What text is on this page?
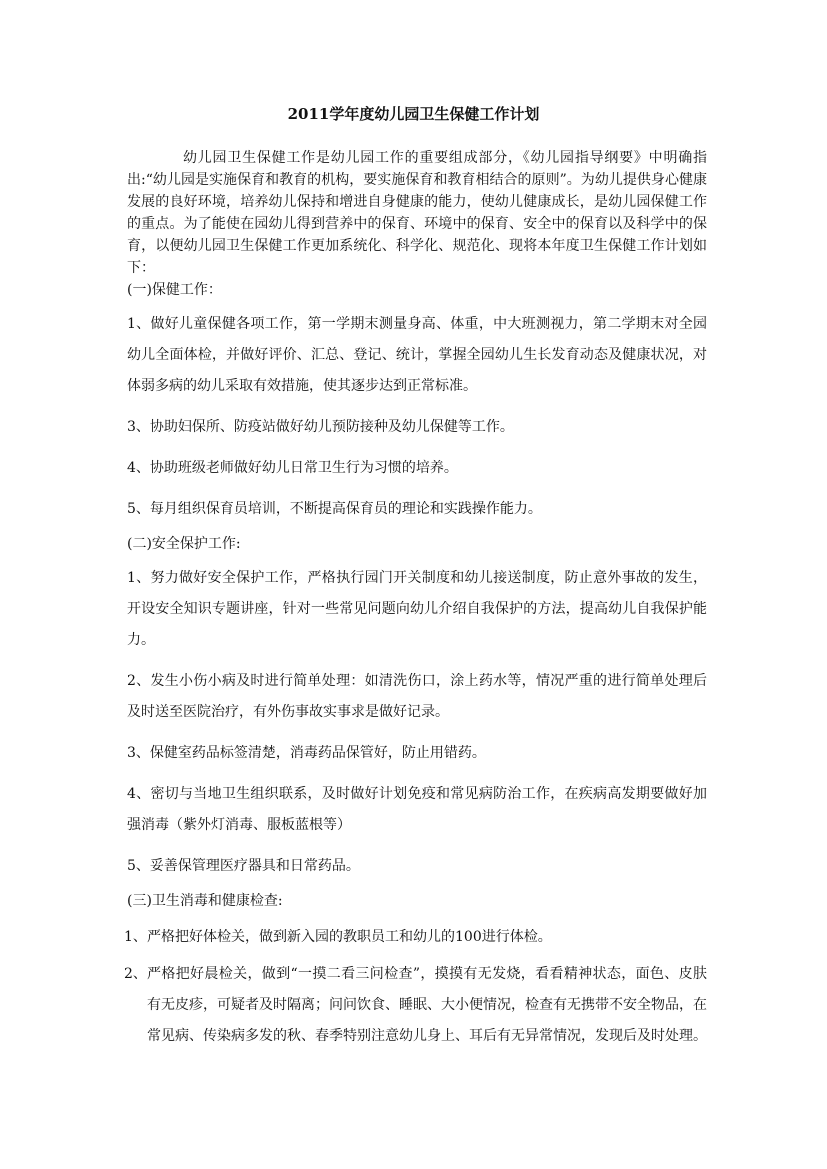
2011学年度幼儿园卫生保健工作计划

幼儿园卫生保健工作是幼儿园工作的重要组成部分，《幼儿园指导纲要》中明确指出:“幼儿园是实施保育和教育的机构，要实施保育和教育相结合的原则”。为幼儿提供身心健康发展的良好环境，培养幼儿保持和增进自身健康的能力，使幼儿健康成长，是幼儿园保健工作的重点。为了能使在园幼儿得到营养中的保育、环境中的保育、安全中的保育以及科学中的保育，以便幼儿园卫生保健工作更加系统化、科学化、规范化、现将本年度卫生保健工作计划如下：

(一)保健工作：

1、做好儿童保健各项工作，第一学期末测量身高、体重，中大班测视力，第二学期末对全园幼儿全面体检，并做好评价、汇总、登记、统计，掌握全园幼儿生长发育动态及健康状况，对体弱多病的幼儿采取有效措施，使其逐步达到正常标准。

3、协助妇保所、防疫站做好幼儿预防接种及幼儿保健等工作。

4、协助班级老师做好幼儿日常卫生行为习惯的培养。

5、每月组织保育员培训，不断提高保育员的理论和实践操作能力。

(二)安全保护工作:

1、努力做好安全保护工作，严格执行园门开关制度和幼儿接送制度，防止意外事故的发生，开设安全知识专题讲座，针对一些常见问题向幼儿介绍自我保护的方法，提高幼儿自我保护能力。

2、发生小伤小病及时进行简单处理：如清洗伤口，涂上药水等，情况严重的进行简单处理后及时送至医院治疗，有外伤事故实事求是做好记录。

3、保健室药品标签清楚，消毒药品保管好，防止用错药。

4、密切与当地卫生组织联系，及时做好计划免疫和常见病防治工作，在疾病高发期要做好加强消毒（紫外灯消毒、服板蓝根等）

5、妥善保管理医疗器具和日常药品。

(三)卫生消毒和健康检查:

1、 严格把好体检关，做到新入园的教职员工和幼儿的100进行体检。
2、 严格把好晨检关，做到“一摸二看三问检查”，摸摸有无发烧，看看精神状态，面色、皮肤有无皮疹，可疑者及时隔离；问问饮食、睡眠、大小便情况，检查有无携带不安全物品，在常见病、传染病多发的秋、春季特别注意幼儿身上、耳后有无异常情况，发现后及时处理。
